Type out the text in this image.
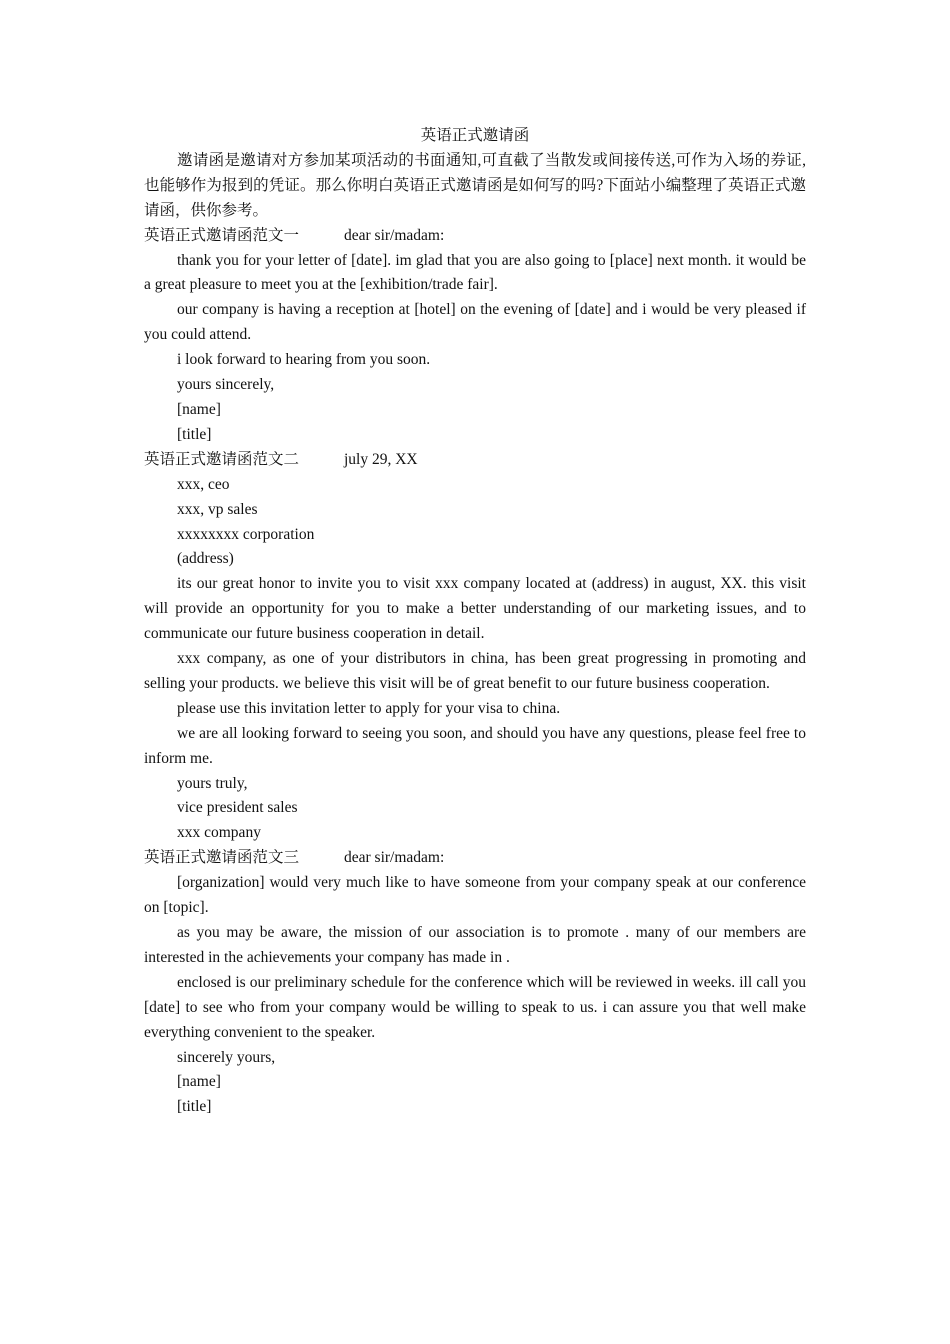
英语正式邀请函

邀请函是邀请对方参加某项活动的书面通知,可直截了当散发或间接传送,可作为入场的券证,也能够作为报到的凭证。那么你明白英语正式邀请函是如何写的吗?下面站小编整理了英语正式邀请函，供你参考。

英语正式邀请函范文一	dear sir/madam:

thank you for your letter of [date]. im glad that you are also going to [place] next month. it would be a great pleasure to meet you at the [exhibition/trade fair].

our company is having a reception at [hotel] on the evening of [date] and i would be very pleased if you could attend.

i look forward to hearing from you soon.

yours sincerely,

[name]

[title]

英语正式邀请函范文二	july 29, XX

xxx, ceo

xxx, vp sales

xxxxxxxx corporation

(address)

its our great honor to invite you to visit xxx company located at (address) in august, XX. this visit will provide an opportunity for you to make a better understanding of our marketing issues, and to communicate our future business cooperation in detail.

xxx company, as one of your distributors in china, has been great progressing in promoting and selling your products. we believe this visit will be of great benefit to our future business cooperation.

please use this invitation letter to apply for your visa to china.

we are all looking forward to seeing you soon, and should you have any questions, please feel free to inform me.

yours truly,

vice president sales

xxx company

英语正式邀请函范文三	dear sir/madam:

[organization] would very much like to have someone from your company speak at our conference on [topic].

as you may be aware, the mission of our association is to promote . many of our members are interested in the achievements your company has made in .

enclosed is our preliminary schedule for the conference which will be reviewed in weeks. ill call you [date] to see who from your company would be willing to speak to us. i can assure you that well make everything convenient to the speaker.

sincerely yours,

[name]

[title]
